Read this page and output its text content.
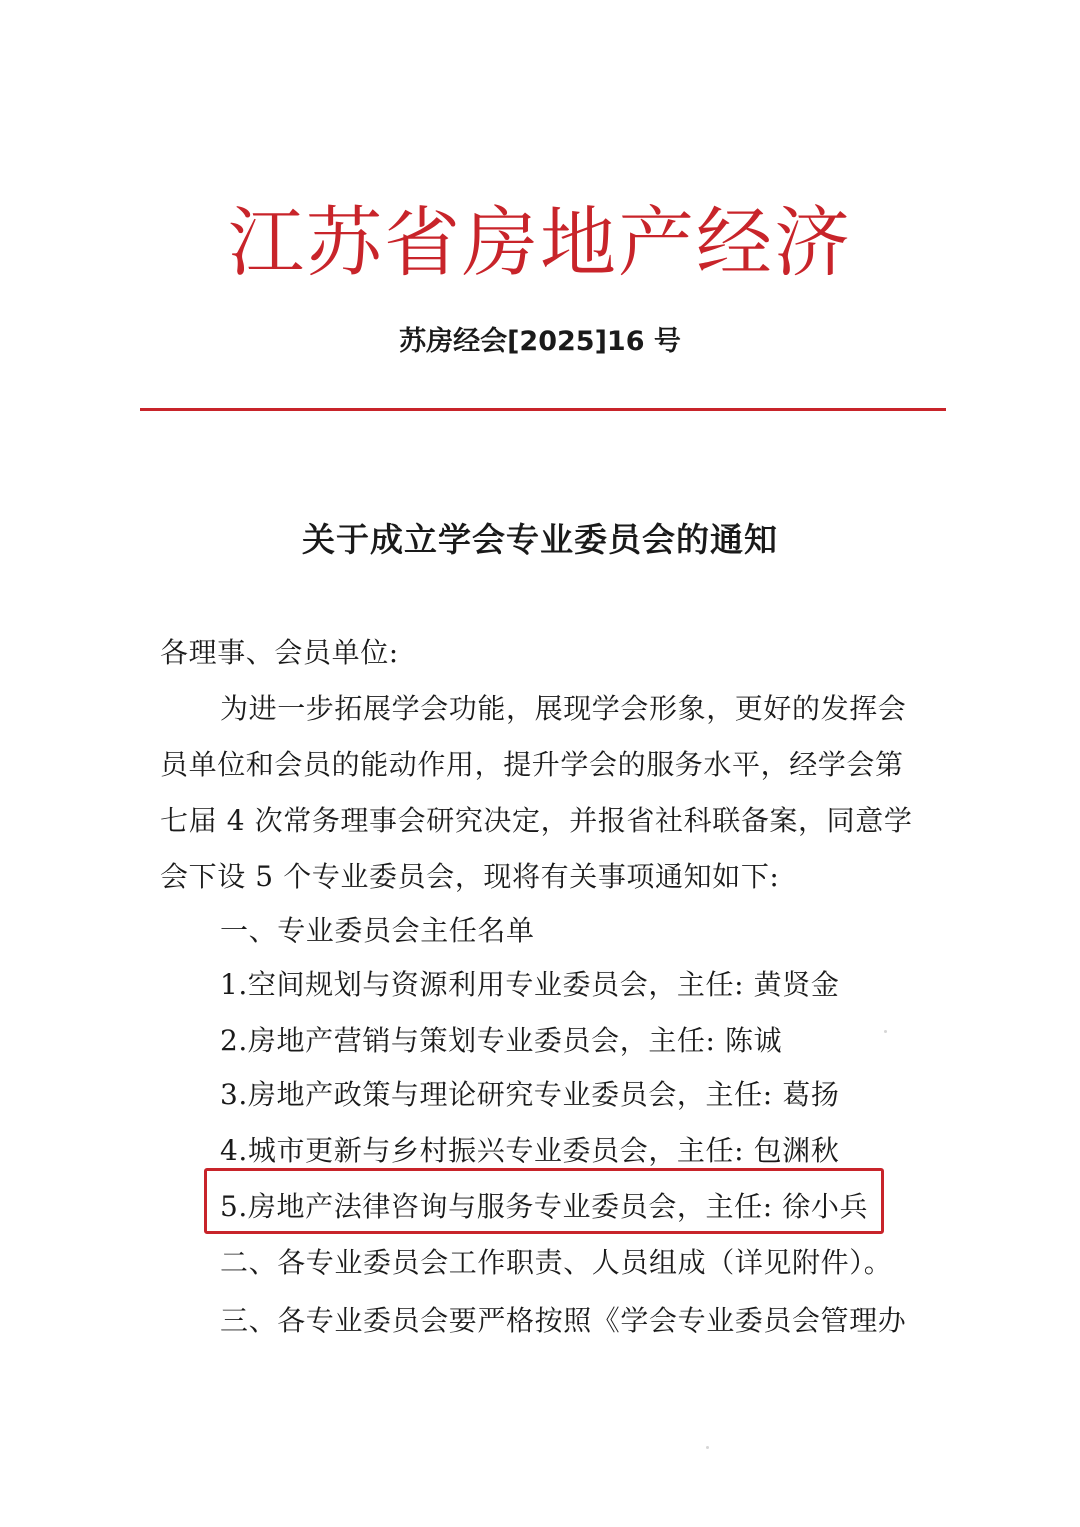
江苏省房地产经济
苏房经会[2025]16 号
关于成立学会专业委员会的通知
各理事、会员单位:
为进一步拓展学会功能，展现学会形象，更好的发挥会
员单位和会员的能动作用，提升学会的服务水平，经学会第
七届 4 次常务理事会研究决定，并报省社科联备案，同意学
会下设 5 个专业委员会，现将有关事项通知如下:
一、专业委员会主任名单
1.空间规划与资源利用专业委员会，主任: 黄贤金
2.房地产营销与策划专业委员会，主任: 陈诚
3.房地产政策与理论研究专业委员会，主任: 葛扬
4.城市更新与乡村振兴专业委员会，主任: 包渊秋
5.房地产法律咨询与服务专业委员会，主任: 徐小兵
二、各专业委员会工作职责、人员组成（详见附件）。
三、各专业委员会要严格按照《学会专业委员会管理办
